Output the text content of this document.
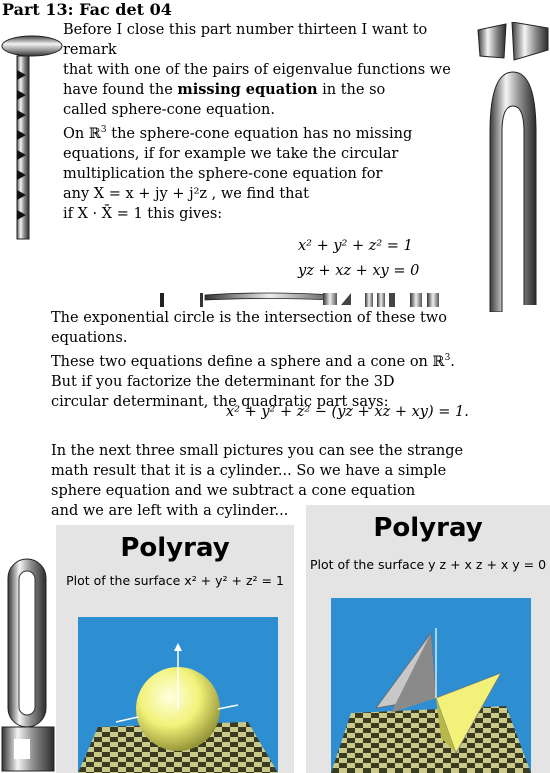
Part 13: Fac det 04
Before I close this part number thirteen I want to remark
that with one of the pairs of eigenvalue functions we
have found the missing equation in the so
called sphere-cone equation.
On ℝ$^3$ the sphere-cone equation has no missing
equations, if for example we take the circular
multiplication the sphere-cone equation for
any X = x + jy + j²z , we find that
if X · X̄ = 1 this gives:
x² + y² + z² = 1
yz + xz + xy = 0
The exponential circle is the intersection of these two equations.
These two equations define a sphere and a cone on ℝ$^3$.
But if you factorize the determinant for the 3D
circular determinant, the quadratic part says:
x² + y² + z² − (yz + xz + xy) = 1.
In the next three small pictures you can see the strange
math result that it is a cylinder... So we have a simple
sphere equation and we subtract a cone equation
and we are left with a cylinder...
Polyray
Plot of the surface x² + y² + z² = 1
Polyray
Plot of the surface y z + x z + x y = 0
